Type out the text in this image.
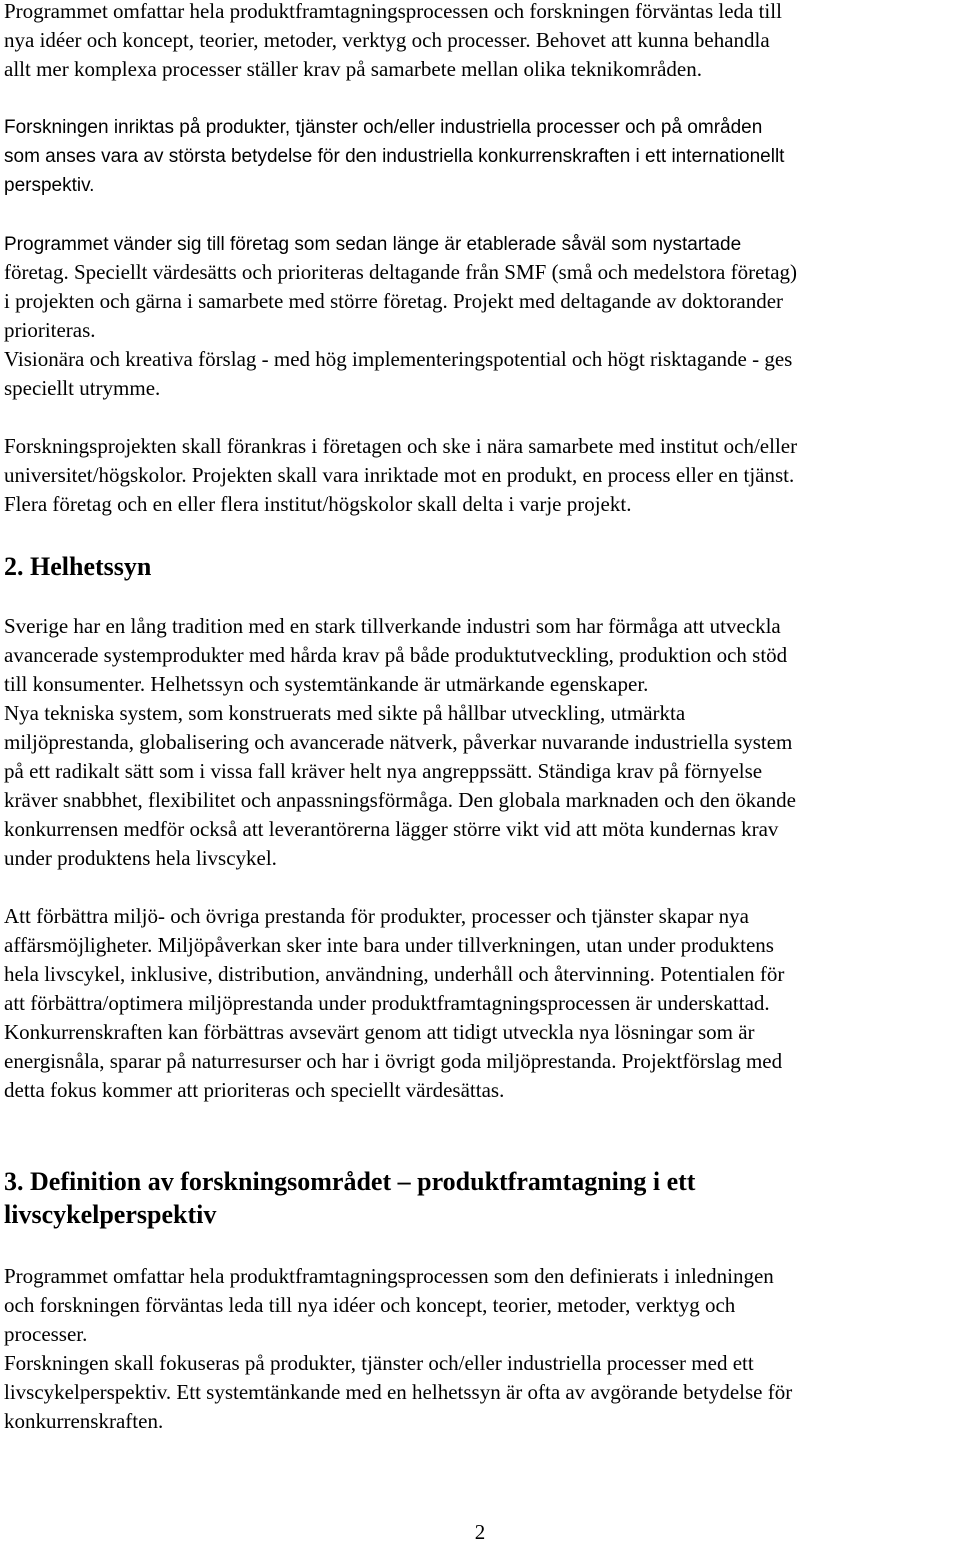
Programmet omfattar hela produktframtagningsprocessen och forskningen förväntas leda till
nya idéer och koncept, teorier, metoder, verktyg och processer. Behovet att kunna behandla
allt mer komplexa processer ställer krav på samarbete mellan olika teknikområden.
Forskningen inriktas på produkter, tjänster och/eller industriella processer och på områden
som anses vara av största betydelse för den industriella konkurrenskraften i ett internationellt
perspektiv.
Programmet vänder sig till företag som sedan länge är etablerade såväl som nystartade
företag. Speciellt värdesätts och prioriteras deltagande från SMF (små och medelstora företag)
i projekten och gärna i samarbete med större företag. Projekt med deltagande av doktorander
prioriteras.
Visionära och kreativa förslag - med hög implementeringspotential och högt risktagande - ges
speciellt utrymme.
Forskningsprojekten skall förankras i företagen och ske i nära samarbete med institut och/eller
universitet/högskolor. Projekten skall vara inriktade mot en produkt, en process eller en tjänst.
Flera företag och en eller flera institut/högskolor skall delta i varje projekt.
2. Helhetssyn
Sverige har en lång tradition med en stark tillverkande industri som har förmåga att utveckla
avancerade systemprodukter med hårda krav på både produktutveckling, produktion och stöd
till konsumenter. Helhetssyn och systemtänkande är utmärkande egenskaper.
Nya tekniska system, som konstruerats med sikte på hållbar utveckling, utmärkta
miljöprestanda, globalisering och avancerade nätverk, påverkar nuvarande industriella system
på ett radikalt sätt som i vissa fall kräver helt nya angreppssätt. Ständiga krav på förnyelse
kräver snabbhet, flexibilitet och anpassningsförmåga. Den globala marknaden och den ökande
konkurrensen medför också att leverantörerna lägger större vikt vid att möta kundernas krav
under produktens hela livscykel.
Att förbättra miljö- och övriga prestanda för produkter, processer och tjänster skapar nya
affärsmöjligheter. Miljöpåverkan sker inte bara under tillverkningen, utan under produktens
hela livscykel, inklusive, distribution, användning, underhåll och återvinning. Potentialen för
att förbättra/optimera miljöprestanda under produktframtagningsprocessen är underskattad.
Konkurrenskraften kan förbättras avsevärt genom att tidigt utveckla nya lösningar som är
energisnåla, sparar på naturresurser och har i övrigt goda miljöprestanda. Projektförslag med
detta fokus kommer att prioriteras och speciellt värdesättas.
3. Definition av forskningsområdet – produktframtagning i ett
livscykelperspektiv
Programmet omfattar hela produktframtagningsprocessen som den definierats i inledningen
och forskningen förväntas leda till nya idéer och koncept, teorier, metoder, verktyg och
processer.
Forskningen skall fokuseras på produkter, tjänster och/eller industriella processer med ett
livscykelperspektiv. Ett systemtänkande med en helhetssyn är ofta av avgörande betydelse för
konkurrenskraften.
2
